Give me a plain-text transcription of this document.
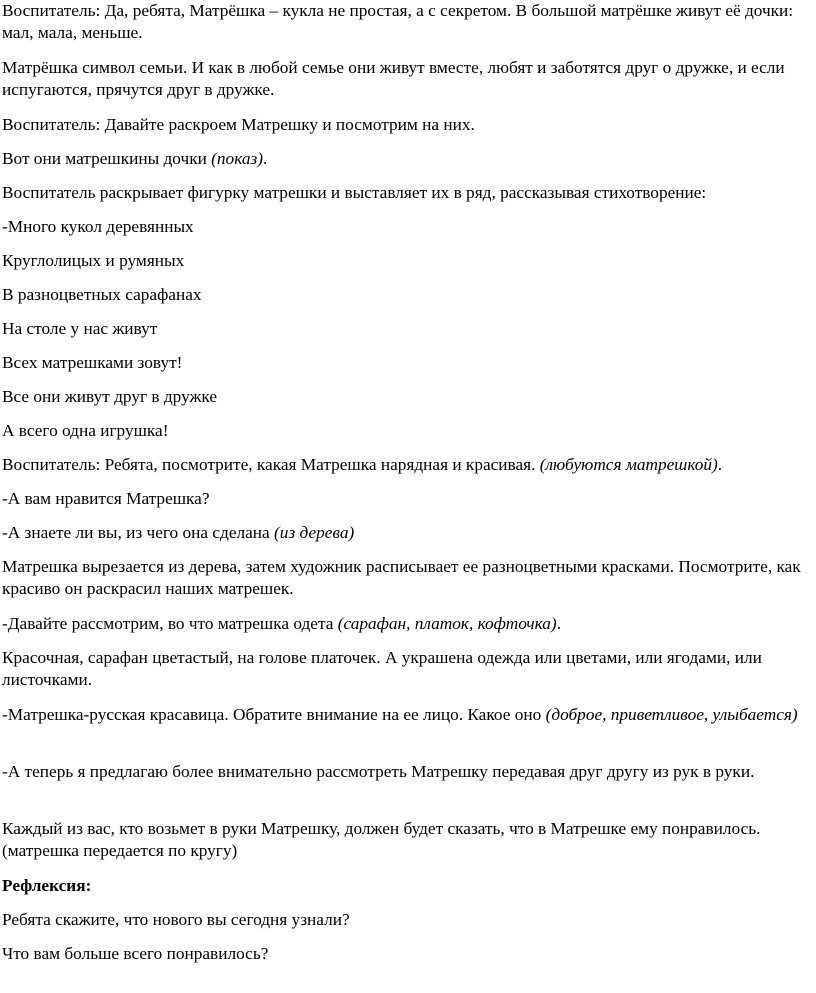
Воспитатель: Да, ребята, Матрёшка – кукла не простая, а с секретом. В большой матрёшке живут её дочки: мал, мала, меньше.

Матрёшка символ семьи. И как в любой семье они живут вместе, любят и заботятся друг о дружке, и если испугаются, прячутся друг в дружке.

Воспитатель: Давайте раскроем Матрешку и посмотрим на них.

Вот они матрешкины дочки (показ).

Воспитатель раскрывает фигурку матрешки и выставляет их в ряд, рассказывая стихотворение:

-Много кукол деревянных

Круглолицых и румяных

В разноцветных сарафанах

На столе у нас живут

Всех матрешками зовут!

Все они живут друг в дружке

А всего одна игрушка!

Воспитатель: Ребята, посмотрите, какая Матрешка нарядная и красивая. (любуются матрешкой).

-А вам нравится Матрешка?

-А знаете ли вы, из чего она сделана (из дерева)

Матрешка вырезается из дерева, затем художник расписывает ее разноцветными красками. Посмотрите, как красиво он раскрасил наших матрешек.

-Давайте рассмотрим, во что матрешка одета (сарафан, платок, кофточка).

Красочная, сарафан цветастый, на голове платочек. А украшена одежда или цветами, или ягодами, или листочками.

-Матрешка-русская красавица. Обратите внимание на ее лицо. Какое оно (доброе, приветливое, улыбается)

-А теперь я предлагаю более внимательно рассмотреть Матрешку передавая друг другу из рук в руки.

Каждый из вас, кто возьмет в руки Матрешку, должен будет сказать, что в Матрешке ему понравилось. (матрешка передается по кругу)

Рефлексия:

Ребята скажите, что нового вы сегодня узнали?

Что вам больше всего понравилось?
